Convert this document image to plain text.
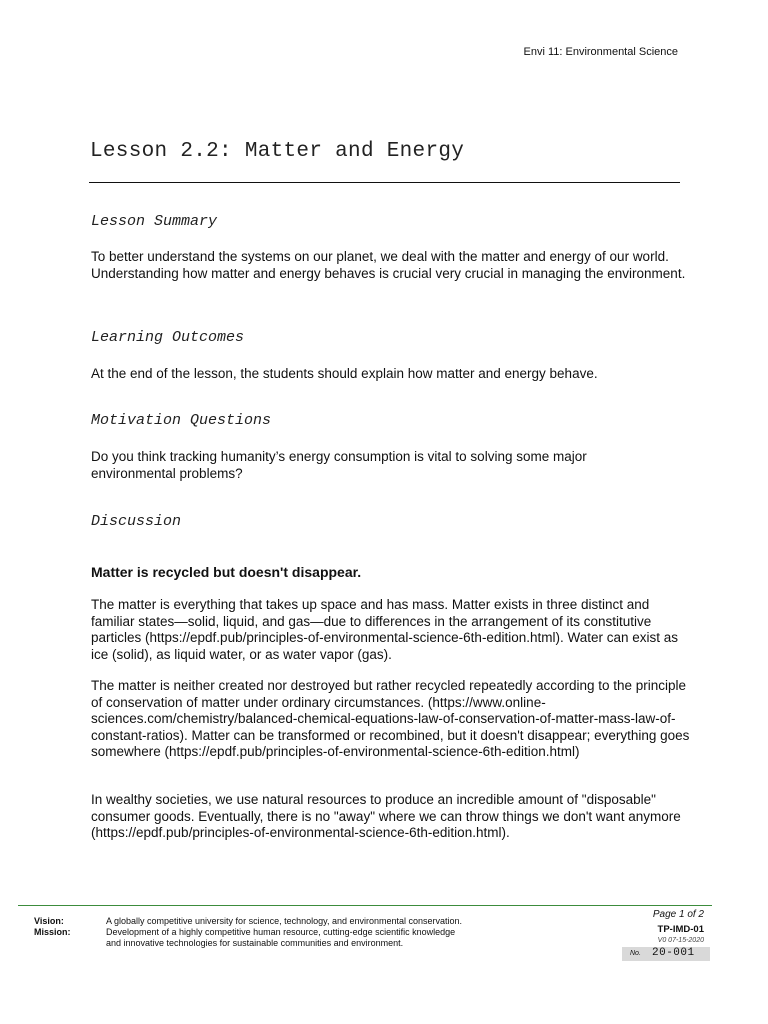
Envi 11: Environmental Science
Lesson 2.2: Matter and Energy
Lesson Summary
To better understand the systems on our planet, we deal with the matter and energy of our world. Understanding how matter and energy behaves is crucial very crucial in managing the environment.
Learning Outcomes
At the end of the lesson, the students should explain how matter and energy behave.
Motivation Questions
Do you think tracking humanity’s energy consumption is vital to solving some major environmental problems?
Discussion
Matter is recycled but doesn't disappear.
The matter is everything that takes up space and has mass. Matter exists in three distinct and familiar states—solid, liquid, and gas—due to differences in the arrangement of its constitutive particles (https://epdf.pub/principles-of-environmental-science-6th-edition.html). Water can exist as ice (solid), as liquid water, or as water vapor (gas).
The matter is neither created nor destroyed but rather recycled repeatedly according to the principle of conservation of matter under ordinary circumstances. (https://www.online-sciences.com/chemistry/balanced-chemical-equations-law-of-conservation-of-matter-mass-law-of-constant-ratios). Matter can be transformed or recombined, but it doesn't disappear; everything goes somewhere (https://epdf.pub/principles-of-environmental-science-6th-edition.html)
In wealthy societies, we use natural resources to produce an incredible amount of "disposable" consumer goods. Eventually, there is no "away" where we can throw things we don't want anymore (https://epdf.pub/principles-of-environmental-science-6th-edition.html).
Vision:
Mission:
A globally competitive university for science, technology, and environmental conservation.
Development of a highly competitive human resource, cutting-edge scientific knowledge
and innovative technologies for sustainable communities and environment.
Page 1 of 2
TP-IMD-01
V0 07-15-2020
No. 20-001
